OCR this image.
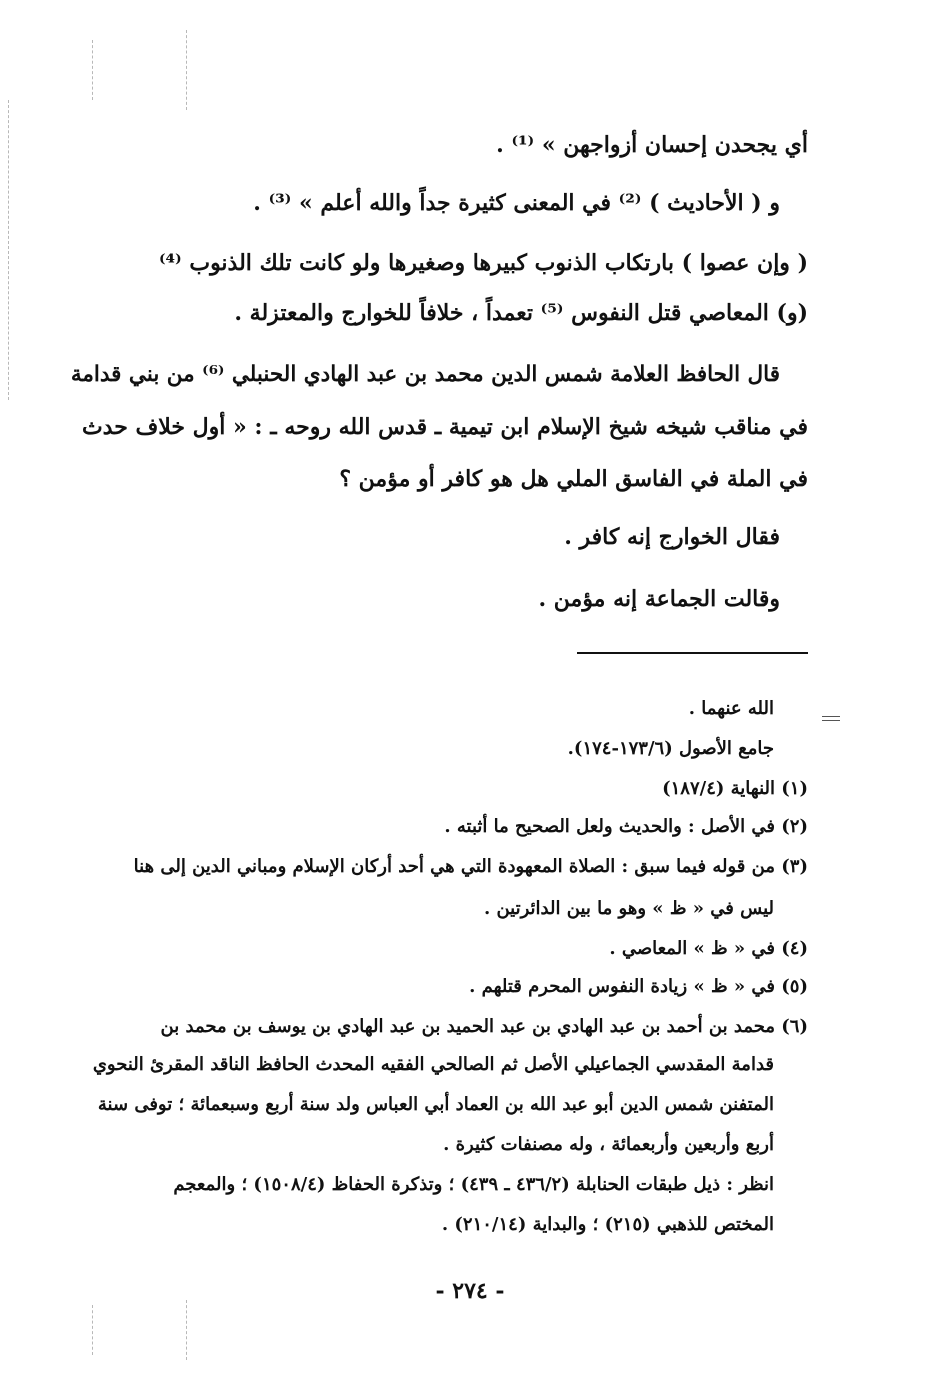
أي يجحدن إحسان أزواجهن » ⁽¹⁾ .
و ( الأحاديث ) ⁽²⁾ في المعنى كثيرة جداً والله أعلم » ⁽³⁾ .
( وإن عصوا ) بارتكاب الذنوب كبيرها وصغيرها ولو كانت تلك الذنوب ⁽⁴⁾
(و) المعاصي قتل النفوس ⁽⁵⁾ تعمداً ، خلافاً للخوارج والمعتزلة .
قال الحافظ العلامة شمس الدين محمد بن عبد الهادي الحنبلي ⁽⁶⁾ من بني قدامة
في مناقب شيخه شيخ الإسلام ابن تيمية ـ قدس الله روحه ـ : « أول خلاف حدث
في الملة في الفاسق الملي هل هو كافر أو مؤمن ؟
فقال الخوارج إنه كافر .
وقالت الجماعة إنه مؤمن .
الله عنهما .
جامع الأصول (١٧٣/٦-١٧٤).
(١) النهاية (١٨٧/٤)
(٢) في الأصل : والحديث ولعل الصحيح ما أثبته .
(٣) من قوله فيما سبق : الصلاة المعهودة التي هي أحد أركان الإسلام ومباني الدين إلى هنا
ليس في « ظ » وهو ما بين الدائرتين .
(٤) في « ظ » المعاصي .
(٥) في « ظ » زيادة النفوس المحرم قتلهم .
(٦) محمد بن أحمد بن عبد الهادي بن عبد الحميد بن عبد الهادي بن يوسف بن محمد بن
قدامة المقدسي الجماعيلي الأصل ثم الصالحي الفقيه المحدث الحافظ الناقد المقرئ النحوي
المتفنن شمس الدين أبو عبد الله بن العماد أبي العباس ولد سنة أربع وسبعمائة ؛ توفى سنة
أربع وأربعين وأربعمائة ، وله مصنفات كثيرة .
انظر : ذيل طبقات الحنابلة (٤٣٦/٢ ـ ٤٣٩) ؛ وتذكرة الحفاظ (١٥٠٨/٤) ؛ والمعجم
المختص للذهبي (٢١٥) ؛ والبداية (٢١٠/١٤) .
- ٢٧٤ -
